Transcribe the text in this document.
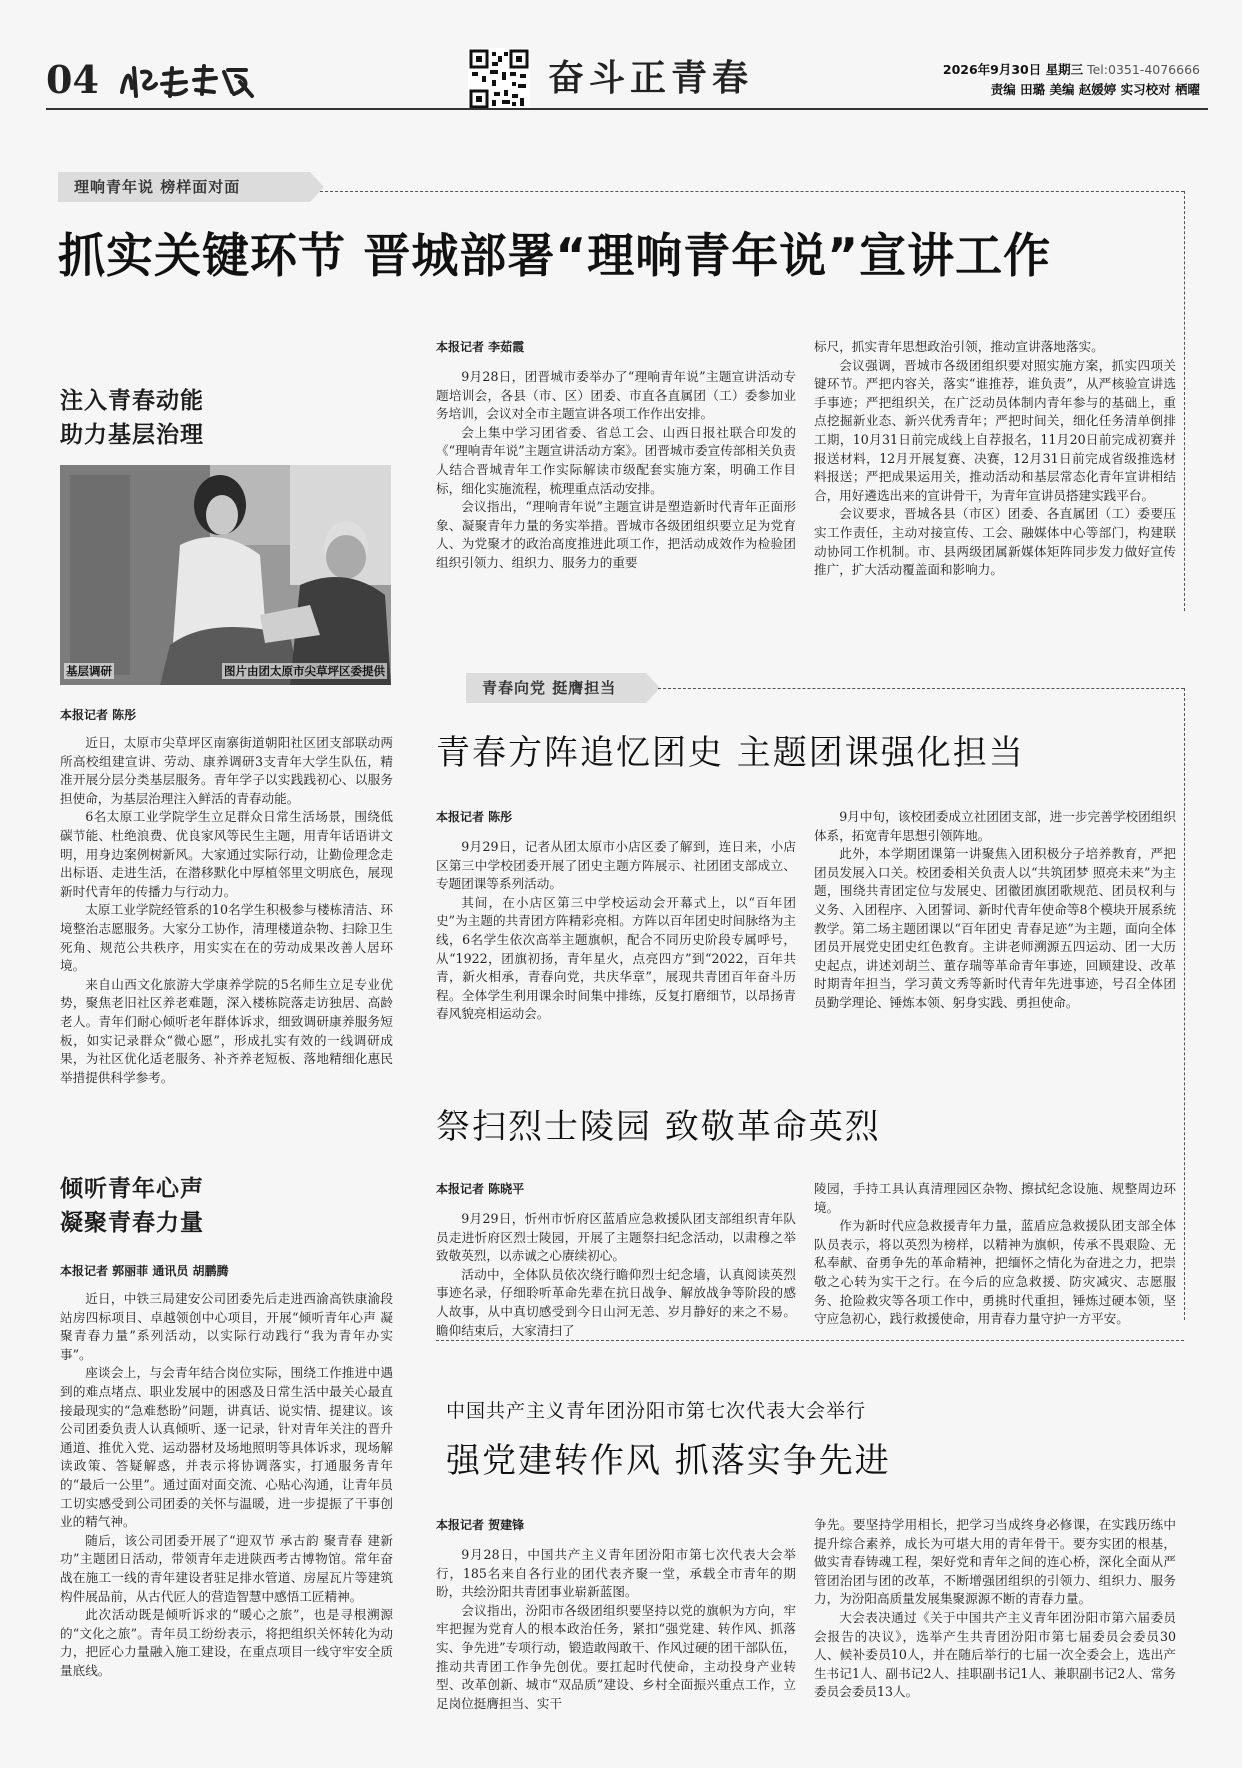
04	奋斗正青春	2026年9月30日 星期三 Tel:0351-4076666
责编 田璐 美编 赵媛婷 实习校对 栖曜
理响青年说 榜样面对面
抓实关键环节 晋城部署“理响青年说”宣讲工作
本报记者 李茹霞

9月28日，团晋城市委举办了“理响青年说”主题宣讲活动专题培训会，各县（市、区）团委、市直各直属团（工）委参加业务培训，会议对全市主题宣讲各项工作作出安排。

会上集中学习团省委、省总工会、山西日报社联合印发的《“理响青年说”主题宣讲活动方案》。团晋城市委宣传部相关负责人结合晋城青年工作实际解读市级配套实施方案，明确工作目标，细化实施流程，梳理重点活动安排。

会议指出，“理响青年说”主题宣讲是塑造新时代青年正面形象、凝聚青年力量的务实举措。晋城市各级团组织要立足为党育人、为党聚才的政治高度推进此项工作，把活动成效作为检验团组织引领力、组织力、服务力的重要

标尺，抓实青年思想政治引领，推动宣讲落地落实。

会议强调，晋城市各级团组织要对照实施方案，抓实四项关键环节。严把内容关，落实“谁推荐，谁负责”，从严核验宣讲选手事迹；严把组织关，在广泛动员体制内青年参与的基础上，重点挖掘新业态、新兴优秀青年；严把时间关，细化任务清单倒排工期，10月31日前完成线上自荐报名，11月20日前完成初赛并报送材料，12月开展复赛、决赛，12月31日前完成省级推选材料报送；严把成果运用关，推动活动和基层常态化青年宣讲相结合，用好遴选出来的宣讲骨干，为青年宣讲员搭建实践平台。

会议要求，晋城各县（市区）团委、各直属团（工）委要压实工作责任，主动对接宣传、工会、融媒体中心等部门，构建联动协同工作机制。市、县两级团属新媒体矩阵同步发力做好宣传推广，扩大活动覆盖面和影响力。

注入青春动能
助力基层治理
基层调研	图片由团太原市尖草坪区委提供
本报记者 陈彤

近日，太原市尖草坪区南寨街道朝阳社区团支部联动两所高校组建宣讲、劳动、康养调研3支青年大学生队伍，精准开展分层分类基层服务。青年学子以实践践初心、以服务担使命，为基层治理注入鲜活的青春动能。

6名太原工业学院学生立足群众日常生活场景，围绕低碳节能、杜绝浪费、优良家风等民生主题，用青年话语讲文明，用身边案例树新风。大家通过实际行动，让勤俭理念走出标语、走进生活，在潜移默化中厚植邻里文明底色，展现新时代青年的传播力与行动力。

太原工业学院经管系的10名学生积极参与楼栋清洁、环境整治志愿服务。大家分工协作，清理楼道杂物、扫除卫生死角、规范公共秩序，用实实在在的劳动成果改善人居环境。

来自山西文化旅游大学康养学院的5名师生立足专业优势，聚焦老旧社区养老难题，深入楼栋院落走访独居、高龄老人。青年们耐心倾听老年群体诉求，细致调研康养服务短板，如实记录群众“微心愿”，形成扎实有效的一线调研成果，为社区优化适老服务、补齐养老短板、落地精细化惠民举措提供科学参考。

倾听青年心声
凝聚青春力量
本报记者 郭丽菲 通讯员 胡鹏腾

近日，中铁三局建安公司团委先后走进西渝高铁康渝段站房四标项目、卓越领创中心项目，开展“倾听青年心声 凝聚青春力量”系列活动，以实际行动践行“我为青年办实事”。

座谈会上，与会青年结合岗位实际，围绕工作推进中遇到的难点堵点、职业发展中的困惑及日常生活中最关心最直接最现实的“急难愁盼”问题，讲真话、说实情、提建议。该公司团委负责人认真倾听、逐一记录，针对青年关注的晋升通道、推优入党、运动器材及场地照明等具体诉求，现场解读政策、答疑解惑，并表示将协调落实，打通服务青年的“最后一公里”。通过面对面交流、心贴心沟通，让青年员工切实感受到公司团委的关怀与温暖，进一步提振了干事创业的精气神。

随后，该公司团委开展了“迎双节 承古韵 聚青春 建新功”主题团日活动，带领青年走进陕西考古博物馆。常年奋战在施工一线的青年建设者驻足排水管道、房屋瓦片等建筑构件展品前，从古代匠人的营造智慧中感悟工匠精神。

此次活动既是倾听诉求的“暖心之旅”，也是寻根溯源的“文化之旅”。青年员工纷纷表示，将把组织关怀转化为动力，把匠心力量融入施工建设，在重点项目一线守牢安全质量底线。

青春向党 挺膺担当
青春方阵追忆团史 主题团课强化担当
本报记者 陈彤

9月29日，记者从团太原市小店区委了解到，连日来，小店区第三中学校团委开展了团史主题方阵展示、社团团支部成立、专题团课等系列活动。

其间，在小店区第三中学校运动会开幕式上，以“百年团史”为主题的共青团方阵精彩亮相。方阵以百年团史时间脉络为主线，6名学生依次高举主题旗帜，配合不同历史阶段专属呼号，从“1922，团旗初扬，青年星火，点亮四方”到“2022，百年共青，新火相承，青春向党，共庆华章”，展现共青团百年奋斗历程。全体学生利用课余时间集中排练，反复打磨细节，以昂扬青春风貌亮相运动会。

9月中旬，该校团委成立社团团支部，进一步完善学校团组织体系，拓宽青年思想引领阵地。

此外，本学期团课第一讲聚焦入团积极分子培养教育，严把团员发展入口关。校团委相关负责人以“共筑团梦 照亮未来”为主题，围绕共青团定位与发展史、团徽团旗团歌规范、团员权利与义务、入团程序、入团誓词、新时代青年使命等8个模块开展系统教学。第二场主题团课以“百年团史 青春足迹”为主题，面向全体团员开展党史团史红色教育。主讲老师溯源五四运动、团一大历史起点，讲述刘胡兰、董存瑞等革命青年事迹，回顾建设、改革时期青年担当，学习黄文秀等新时代青年先进事迹，号召全体团员勤学理论、锤炼本领、躬身实践、勇担使命。

祭扫烈士陵园 致敬革命英烈
本报记者 陈晓平

9月29日，忻州市忻府区蓝盾应急救援队团支部组织青年队员走进忻府区烈士陵园，开展了主题祭扫纪念活动，以肃穆之举致敬英烈，以赤诚之心赓续初心。

活动中，全体队员依次绕行瞻仰烈士纪念墙，认真阅读英烈事迹名录，仔细聆听革命先辈在抗日战争、解放战争等阶段的感人故事，从中真切感受到今日山河无恙、岁月静好的来之不易。瞻仰结束后，大家清扫了

陵园，手持工具认真清理园区杂物、擦拭纪念设施、规整周边环境。

作为新时代应急救援青年力量，蓝盾应急救援队团支部全体队员表示，将以英烈为榜样，以精神为旗帜，传承不畏艰险、无私奉献、奋勇争先的革命精神，把缅怀之情化为奋进之力，把崇敬之心转为实干之行。在今后的应急救援、防灾减灾、志愿服务、抢险救灾等各项工作中，勇挑时代重担，锤炼过硬本领，坚守应急初心，践行救援使命，用青春力量守护一方平安。

中国共产主义青年团汾阳市第七次代表大会举行
强党建转作风 抓落实争先进
本报记者 贺建锋

9月28日，中国共产主义青年团汾阳市第七次代表大会举行，185名来自各行业的团代表齐聚一堂，承载全市青年的期盼，共绘汾阳共青团事业崭新蓝图。

会议指出，汾阳市各级团组织要坚持以党的旗帜为方向，牢牢把握为党育人的根本政治任务，紧扣“强党建、转作风、抓落实、争先进”专项行动，锻造敢闯敢干、作风过硬的团干部队伍，推动共青团工作争先创优。要扛起时代使命，主动投身产业转型、改革创新、城市“双品质”建设、乡村全面振兴重点工作，立足岗位挺膺担当、实干

争先。要坚持学用相长，把学习当成终身必修课，在实践历练中提升综合素养，成长为可堪大用的青年骨干。要夯实团的根基，做实青春铸魂工程，架好党和青年之间的连心桥，深化全面从严管团治团与团的改革，不断增强团组织的引领力、组织力、服务力，为汾阳高质量发展集聚源源不断的青春力量。

大会表决通过《关于中国共产主义青年团汾阳市第六届委员会报告的决议》，选举产生共青团汾阳市第七届委员会委员30人、候补委员10人，并在随后举行的七届一次全委会上，选出产生书记1人、副书记2人、挂职副书记1人、兼职副书记2人、常务委员会委员13人。
